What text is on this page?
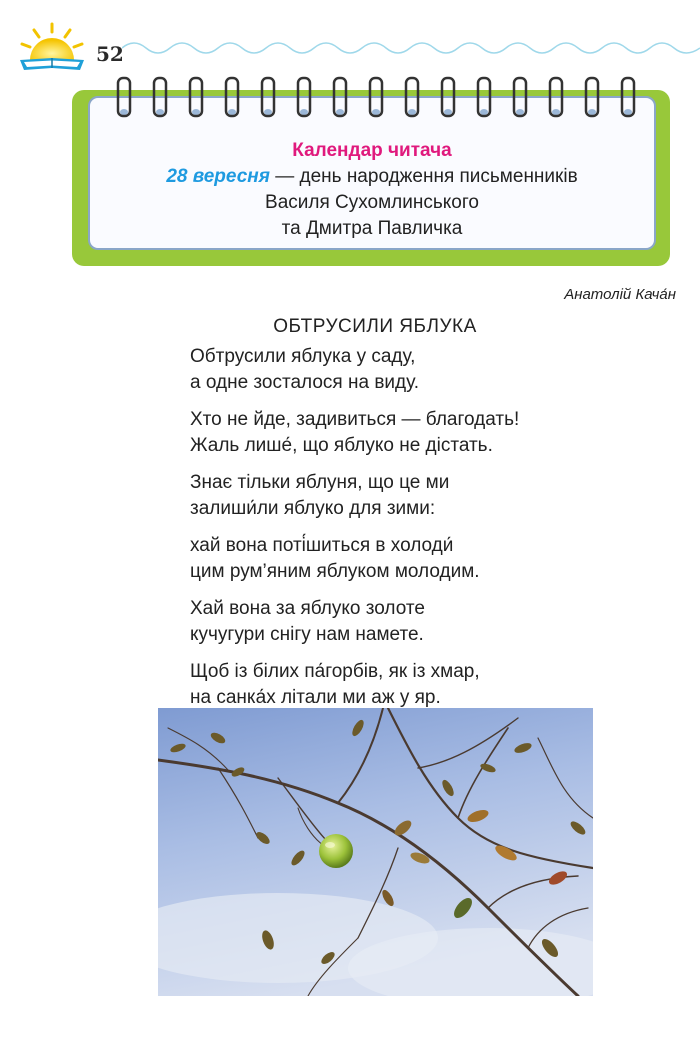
52
Календар читача
28 вересня — день народження письменників
Василя Сухомлинського
та Дмитра Павличка
Анатолій Кача́н
ОБТРУСИЛИ ЯБЛУКА
Обтрусили яблука у саду,
а одне зосталося на виду.
Хто не йде, задивиться — благодать!
Жаль лише́, що яблуко не дістать.
Знає тільки яблуня, що це ми
залиши́ли яблуко для зими:
хай вона поті́шиться в холоди́
цим рум’яним яблуком молодим.
Хай вона за яблуко золоте
кучугури снігу нам намете.
Щоб із білих па́горбів, як із хмар,
на санка́х літали ми аж у яр.
